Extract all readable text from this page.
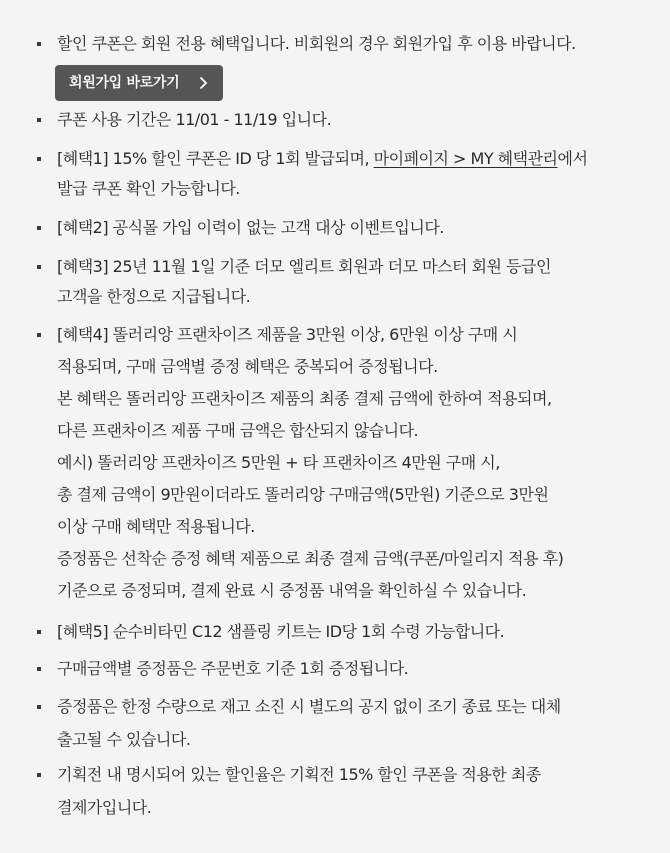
할인 쿠폰은 회원 전용 혜택입니다. 비회원의 경우 회원가입 후 이용 바랍니다.
회원가입 바로가기
쿠폰 사용 기간은 11/01 - 11/19 입니다.
[혜택1] 15% 할인 쿠폰은 ID 당 1회 발급되며, 마이페이지 > MY 혜택관리에서
발급 쿠폰 확인 가능합니다.
[혜택2] 공식몰 가입 이력이 없는 고객 대상 이벤트입니다.
[혜택3] 25년 11월 1일 기준 더모 엘리트 회원과 더모 마스터 회원 등급인
고객을 한정으로 지급됩니다.
[혜택4] 똘러리앙 프랜차이즈 제품을 3만원 이상, 6만원 이상 구매 시
적용되며, 구매 금액별 증정 혜택은 중복되어 증정됩니다.
본 혜택은 똘러리앙 프랜차이즈 제품의 최종 결제 금액에 한하여 적용되며,
다른 프랜차이즈 제품 구매 금액은 합산되지 않습니다.
예시) 똘러리앙 프랜차이즈 5만원 + 타 프랜차이즈 4만원 구매 시,
총 결제 금액이 9만원이더라도 똘러리앙 구매금액(5만원) 기준으로 3만원
이상 구매 혜택만 적용됩니다.
증정품은 선착순 증정 혜택 제품으로 최종 결제 금액(쿠폰/마일리지 적용 후)
기준으로 증정되며, 결제 완료 시 증정품 내역을 확인하실 수 있습니다.
[혜택5] 순수비타민 C12 샘플링 키트는 ID당 1회 수령 가능합니다.
구매금액별 증정품은 주문번호 기준 1회 증정됩니다.
증정품은 한정 수량으로 재고 소진 시 별도의 공지 없이 조기 종료 또는 대체
출고될 수 있습니다.
기획전 내 명시되어 있는 할인율은 기획전 15% 할인 쿠폰을 적용한 최종
결제가입니다.
